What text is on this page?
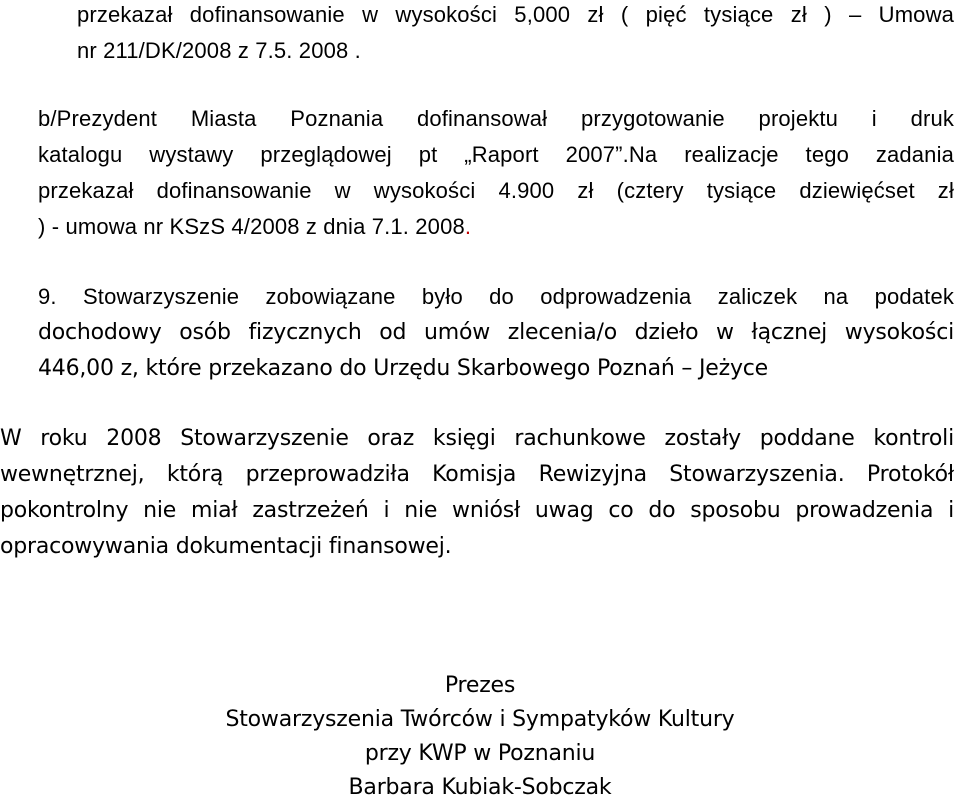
przekazał dofinansowanie w wysokości 5,000 zł ( pięć tysiące zł ) – Umowa
nr 211/DK/2008 z 7.5. 2008 .
b/Prezydent Miasta Poznania dofinansował przygotowanie projektu i druk
katalogu wystawy przeglądowej pt „Raport 2007”.Na realizacje tego zadania
przekazał dofinansowanie w wysokości 4.900 zł (cztery tysiące dziewięćset zł
) - umowa nr KSzS 4/2008 z dnia 7.1. 2008.
9. Stowarzyszenie zobowiązane było do odprowadzenia zaliczek na podatek
dochodowy osób fizycznych od umów zlecenia/o dzieło w łącznej wysokości
446,00 z, które przekazano do Urzędu Skarbowego Poznań – Jeżyce
W roku 2008 Stowarzyszenie oraz księgi rachunkowe zostały poddane kontroli
wewnętrznej, którą przeprowadziła Komisja Rewizyjna Stowarzyszenia. Protokół
pokontrolny nie miał zastrzeżeń i nie wniósł uwag co do sposobu prowadzenia i
opracowywania dokumentacji finansowej.
Prezes
Stowarzyszenia Twórców i Sympatyków Kultury
przy KWP w Poznaniu
Barbara Kubiak-Sobczak
